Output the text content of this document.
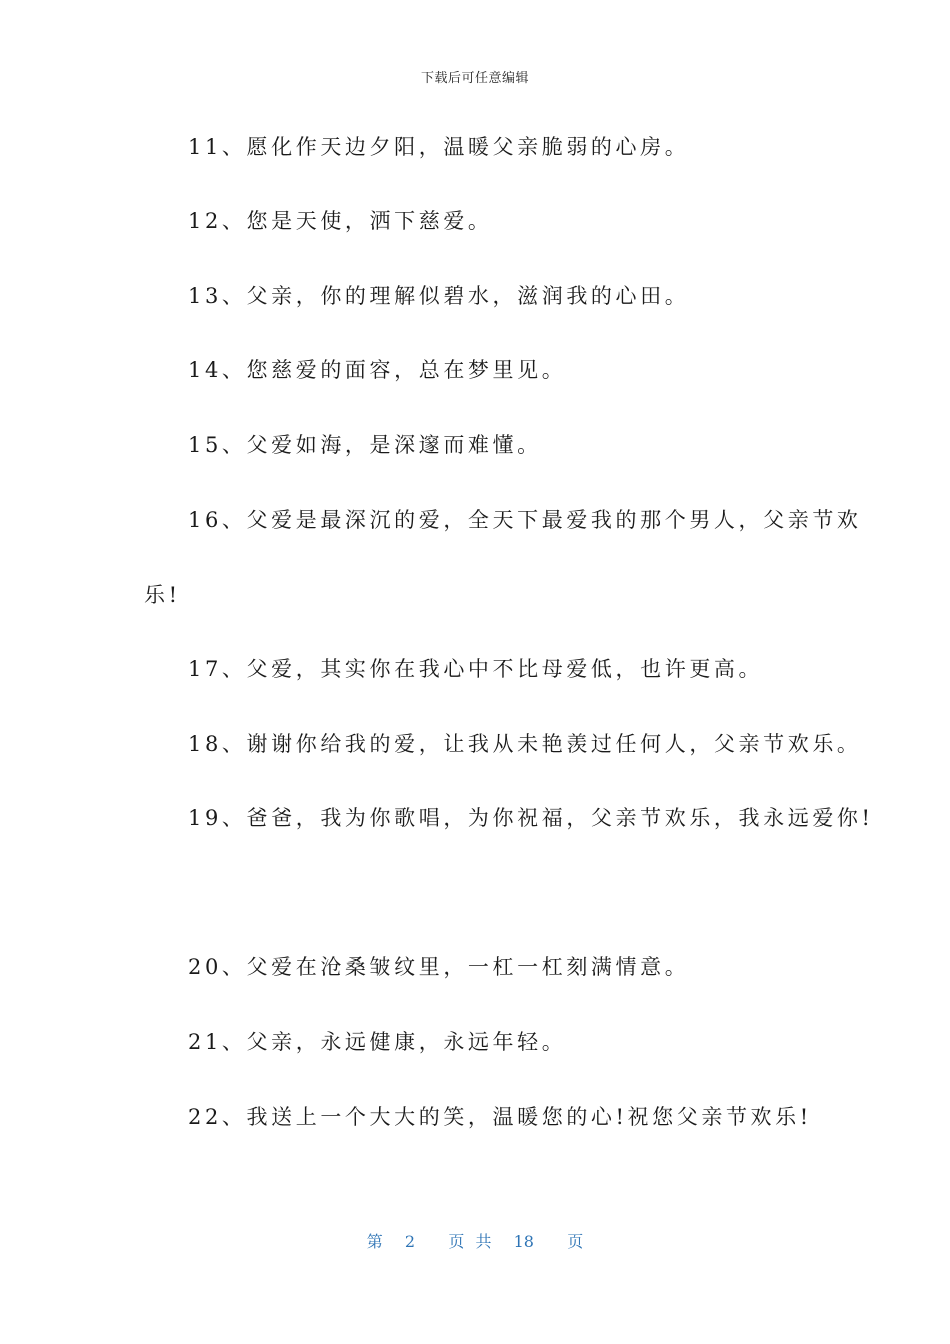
下载后可任意编辑
11、愿化作天边夕阳，温暖父亲脆弱的心房。
12、您是天使，洒下慈爱。
13、父亲，你的理解似碧水，滋润我的心田。
14、您慈爱的面容，总在梦里见。
15、父爱如海，是深邃而难懂。
16、父爱是最深沉的爱，全天下最爱我的那个男人，父亲节欢
乐!
17、父爱，其实你在我心中不比母爱低，也许更高。
18、谢谢你给我的爱，让我从未艳羡过任何人，父亲节欢乐。
19、爸爸，我为你歌唱，为你祝福，父亲节欢乐，我永远爱你!
20、父爱在沧桑皱纹里，一杠一杠刻满情意。
21、父亲，永远健康，永远年轻。
22、我送上一个大大的笑，温暖您的心!祝您父亲节欢乐!
第 2 页 共 18 页
